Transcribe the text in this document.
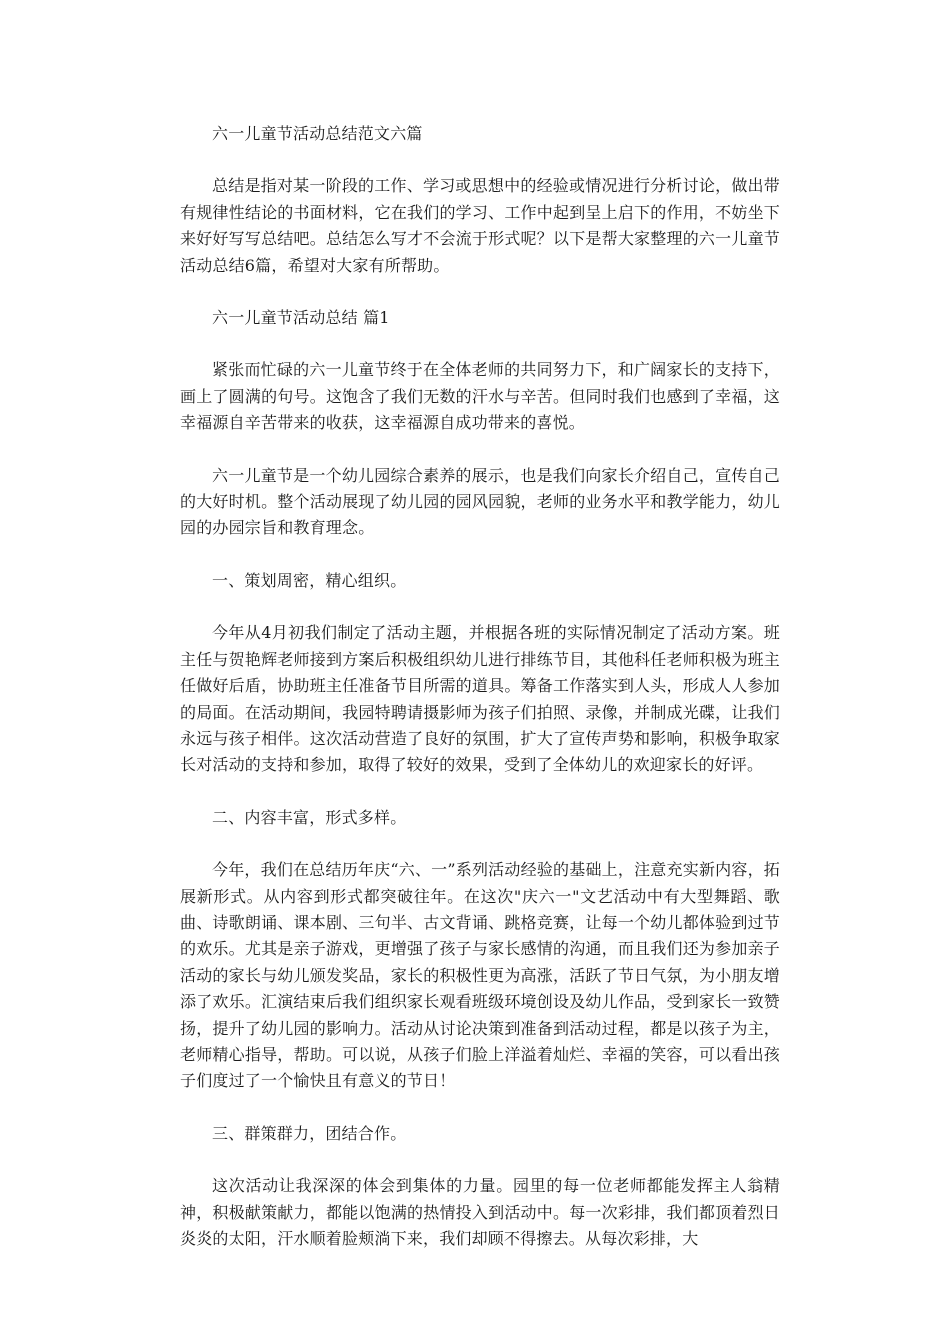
六一儿童节活动总结范文六篇

总结是指对某一阶段的工作、学习或思想中的经验或情况进行分析讨论，做出带有规律性结论的书面材料，它在我们的学习、工作中起到呈上启下的作用，不妨坐下来好好写写总结吧。总结怎么写才不会流于形式呢？以下是帮大家整理的六一儿童节活动总结6篇，希望对大家有所帮助。

六一儿童节活动总结 篇1

紧张而忙碌的六一儿童节终于在全体老师的共同努力下，和广阔家长的支持下，画上了圆满的句号。这饱含了我们无数的汗水与辛苦。但同时我们也感到了幸福，这幸福源自辛苦带来的收获，这幸福源自成功带来的喜悦。

六一儿童节是一个幼儿园综合素养的展示，也是我们向家长介绍自己，宣传自己的大好时机。整个活动展现了幼儿园的园风园貌，老师的业务水平和教学能力，幼儿园的办园宗旨和教育理念。

一、策划周密，精心组织。

今年从4月初我们制定了活动主题，并根据各班的实际情况制定了活动方案。班主任与贺艳辉老师接到方案后积极组织幼儿进行排练节目，其他科任老师积极为班主任做好后盾，协助班主任准备节目所需的道具。筹备工作落实到人头，形成人人参加的局面。在活动期间，我园特聘请摄影师为孩子们拍照、录像，并制成光碟，让我们永远与孩子相伴。这次活动营造了良好的氛围，扩大了宣传声势和影响，积极争取家长对活动的支持和参加，取得了较好的效果，受到了全体幼儿的欢迎家长的好评。

二、内容丰富，形式多样。

今年，我们在总结历年庆“六、一”系列活动经验的基础上，注意充实新内容，拓展新形式。从内容到形式都突破往年。在这次"庆六一"文艺活动中有大型舞蹈、歌曲、诗歌朗诵、课本剧、三句半、古文背诵、跳格竞赛，让每一个幼儿都体验到过节的欢乐。尤其是亲子游戏，更增强了孩子与家长感情的沟通，而且我们还为参加亲子活动的家长与幼儿颁发奖品，家长的积极性更为高涨，活跃了节日气氛，为小朋友增添了欢乐。汇演结束后我们组织家长观看班级环境创设及幼儿作品，受到家长一致赞扬，提升了幼儿园的影响力。活动从讨论决策到准备到活动过程，都是以孩子为主，老师精心指导，帮助。可以说，从孩子们脸上洋溢着灿烂、幸福的笑容，可以看出孩子们度过了一个愉快且有意义的节日！

三、群策群力，团结合作。

这次活动让我深深的体会到集体的力量。园里的每一位老师都能发挥主人翁精神，积极献策献力，都能以饱满的热情投入到活动中。每一次彩排，我们都顶着烈日炎炎的太阳，汗水顺着脸颊淌下来，我们却顾不得擦去。从每次彩排，大
